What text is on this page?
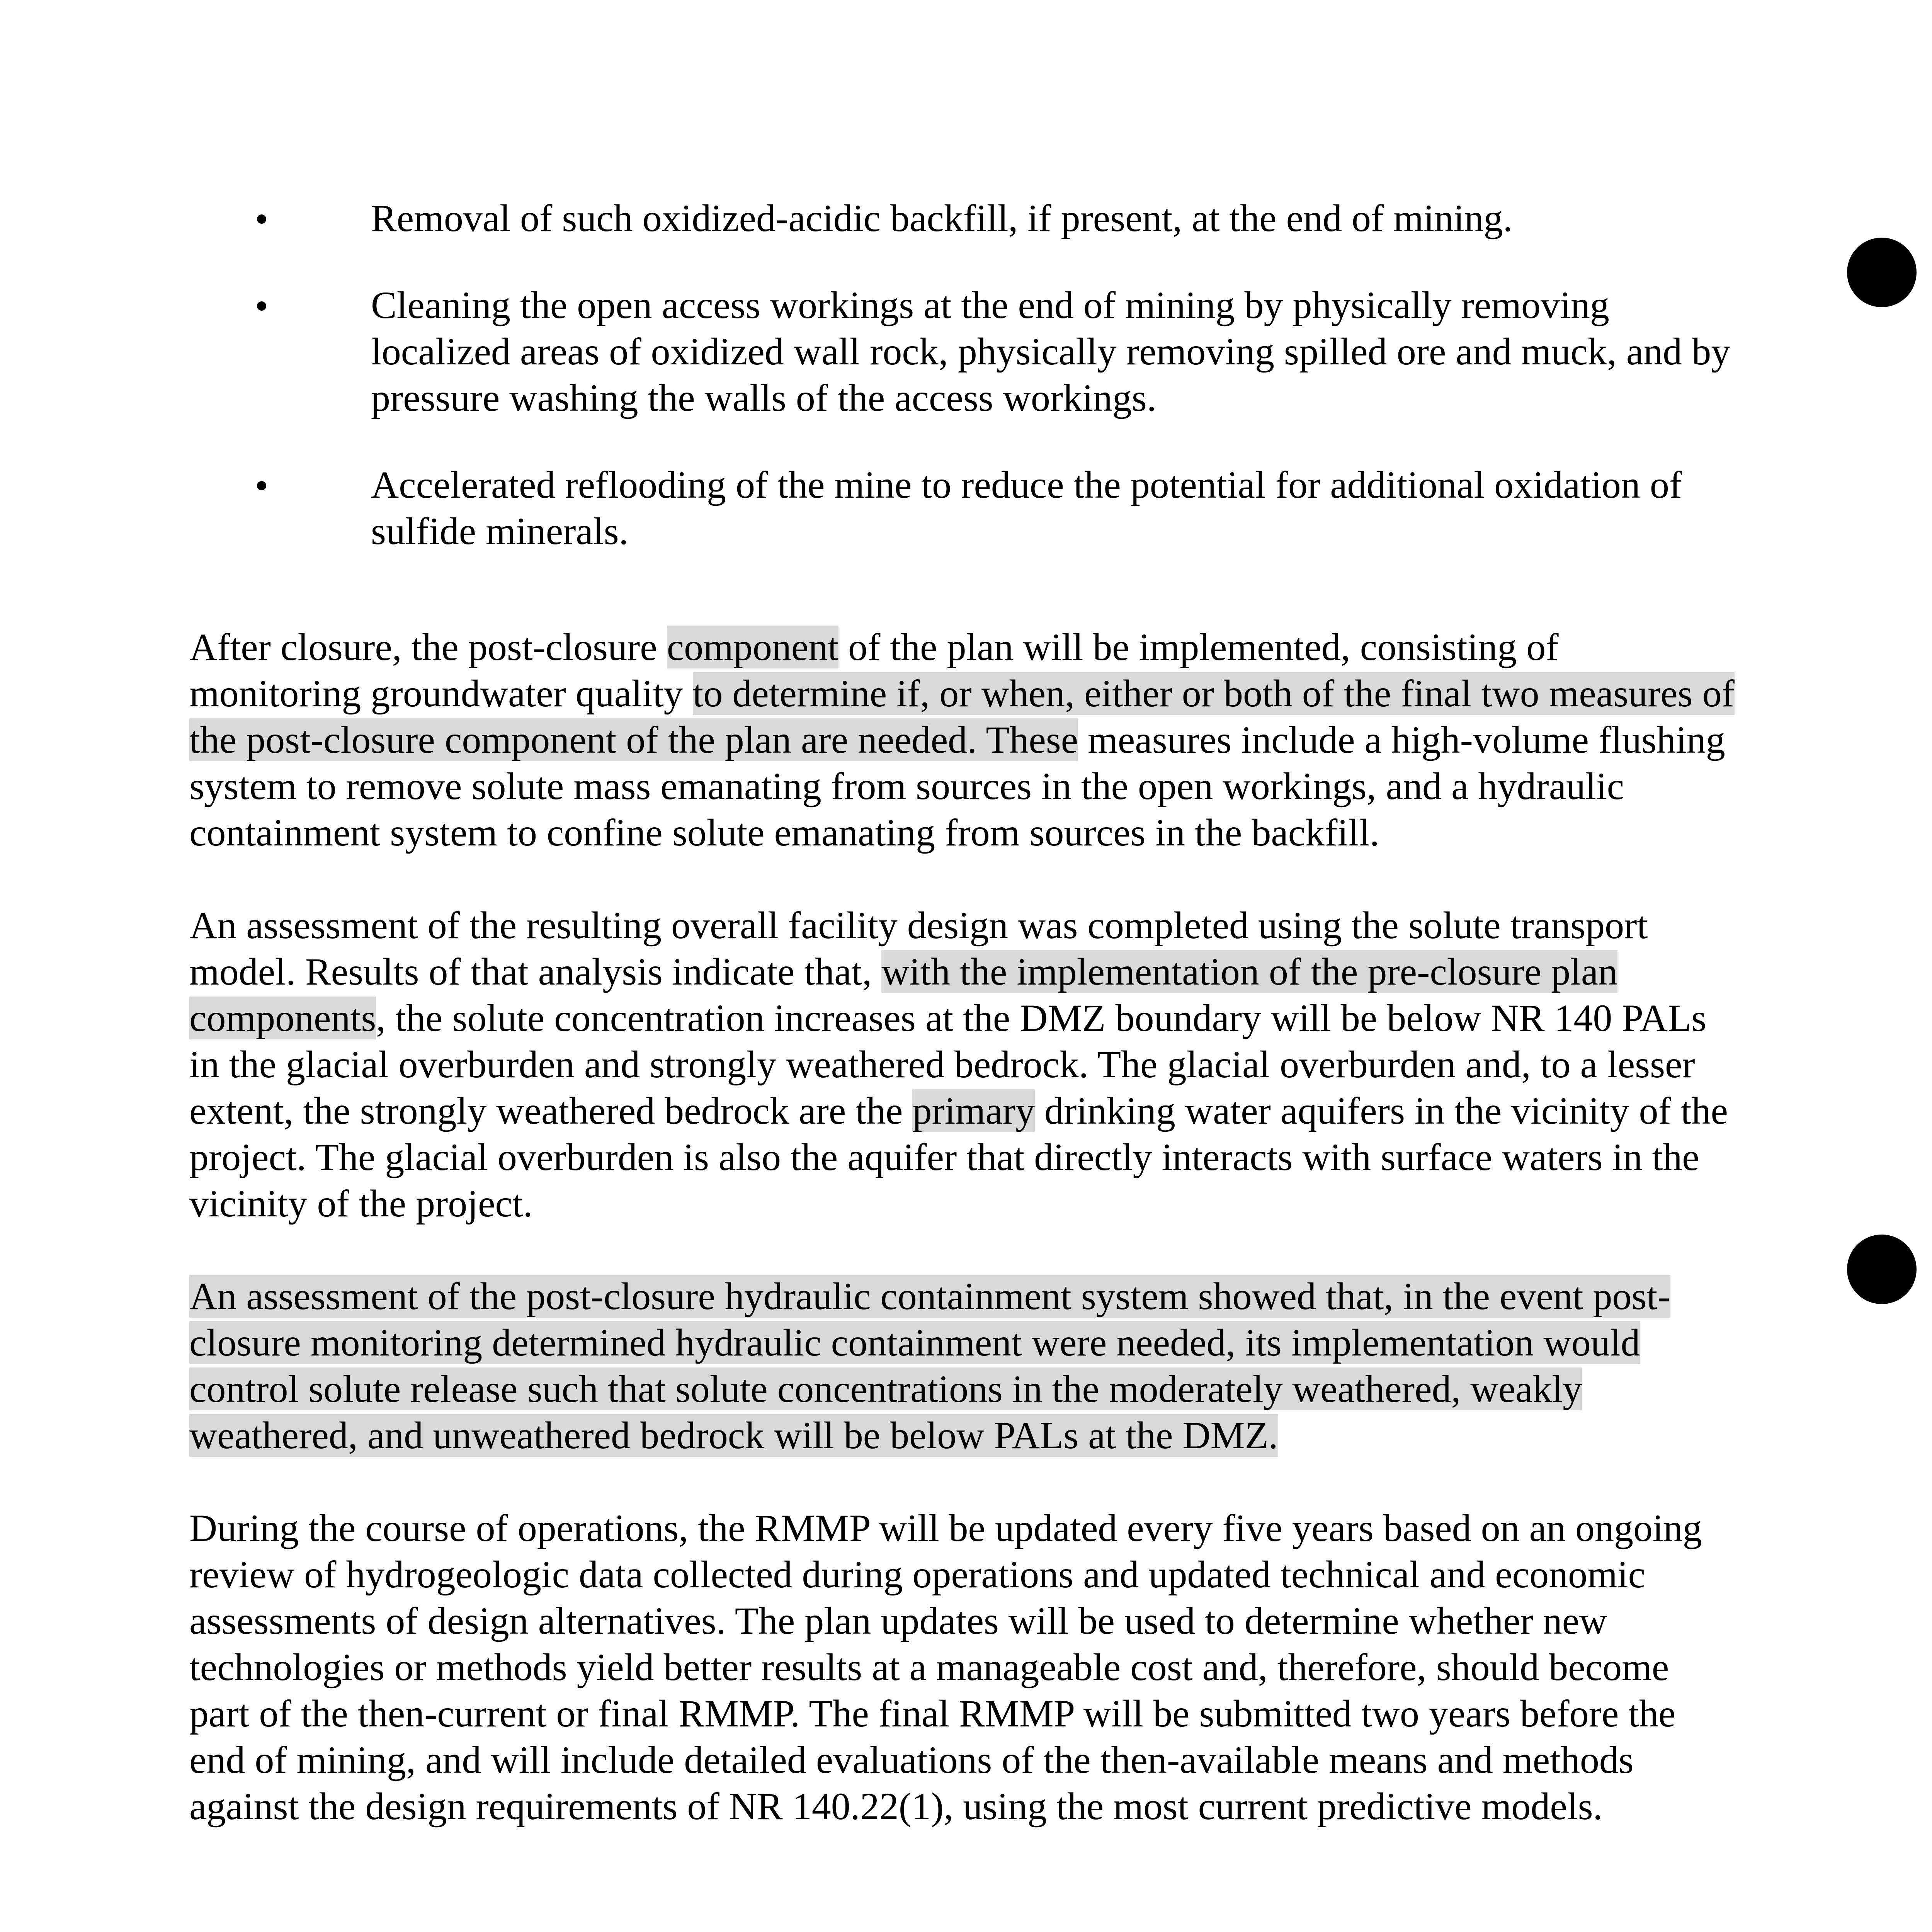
Removal of such oxidized-acidic backfill, if present, at the end of mining.
Cleaning the open access workings at the end of mining by physically removing localized areas of oxidized wall rock, physically removing spilled ore and muck, and by pressure washing the walls of the access workings.
Accelerated reflooding of the mine to reduce the potential for additional oxidation of sulfide minerals.

After closure, the post-closure component of the plan will be implemented, consisting of monitoring groundwater quality to determine if, or when, either or both of the final two measures of the post-closure component of the plan are needed. These measures include a high-volume flushing system to remove solute mass emanating from sources in the open workings, and a hydraulic containment system to confine solute emanating from sources in the backfill.

An assessment of the resulting overall facility design was completed using the solute transport model. Results of that analysis indicate that, with the implementation of the pre-closure plan components, the solute concentration increases at the DMZ boundary will be below NR 140 PALs in the glacial overburden and strongly weathered bedrock. The glacial overburden and, to a lesser extent, the strongly weathered bedrock are the primary drinking water aquifers in the vicinity of the project. The glacial overburden is also the aquifer that directly interacts with surface waters in the vicinity of the project.

An assessment of the post-closure hydraulic containment system showed that, in the event post-closure monitoring determined hydraulic containment were needed, its implementation would control solute release such that solute concentrations in the moderately weathered, weakly weathered, and unweathered bedrock will be below PALs at the DMZ.

During the course of operations, the RMMP will be updated every five years based on an ongoing review of hydrogeologic data collected during operations and updated technical and economic assessments of design alternatives. The plan updates will be used to determine whether new technologies or methods yield better results at a manageable cost and, therefore, should become part of the then-current or final RMMP. The final RMMP will be submitted two years before the end of mining, and will include detailed evaluations of the then-available means and methods against the design requirements of NR 140.22(1), using the most current predictive models.
